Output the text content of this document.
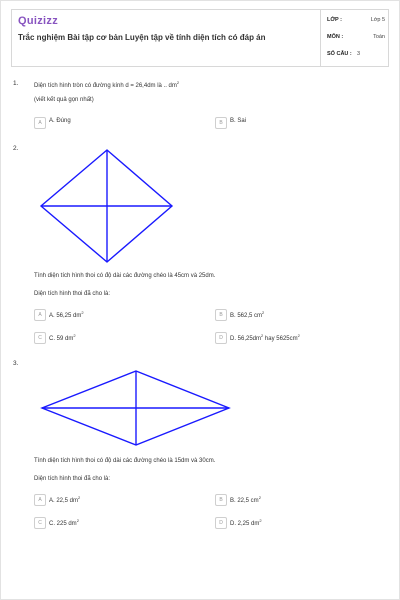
Quizizz
Trắc nghiệm Bài tập cơ bản Luyện tập về tính diện tích có đáp án
LỚP :	Lớp 5
MÔN :	Toán
SỐ CÂU : 3
1.	Diện tích hình tròn có đường kính d = 26,4dm là .. $dm^2$
(viết kết quả gọn nhất)
A	A. Đúng	B	B. Sai
2.
Tính diện tích hình thoi có độ dài các đường chéo là 45cm và 25dm.
Diện tích hình thoi đã cho là:
A	A. 56,25 $dm^2$	B	B. 562,5 $cm^2$
C	C. 59 $dm^2$	D	D. $56,25dm^2$ hay $5625cm^2$
3.
Tính diện tích hình thoi có độ dài các đường chéo là 15dm và 30cm.
Diện tích hình thoi đã cho là:
A	A. 22,5 $dm^2$	B	B. 22,5 $cm^2$
C	C. 225 $dm^2$	D	D. 2,25 $dm^2$
